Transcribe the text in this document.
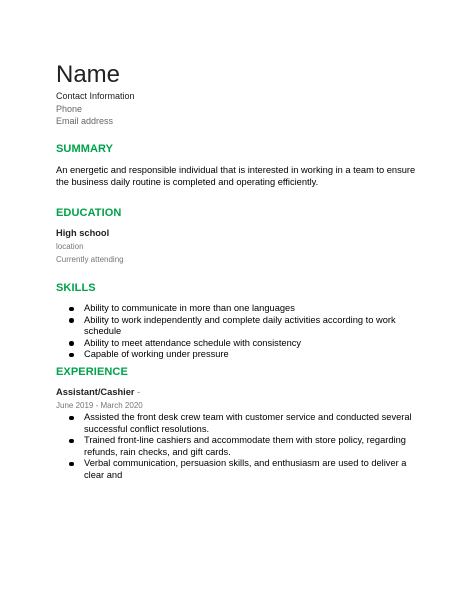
Name
Contact Information
Phone
Email address
SUMMARY
An energetic and responsible individual that is interested in working in a team to ensure the business daily routine is completed and operating efficiently.
EDUCATION
High school
location
Currently attending
SKILLS
Ability to communicate in more than one languages
Ability to work independently and complete daily activities according to work schedule
Ability to meet attendance schedule with consistency
Capable of working under pressure
EXPERIENCE
Assistant/Cashier -
June 2019 - March 2020
Assisted the front desk crew team with customer service and conducted several successful conflict resolutions.
Trained front-line cashiers and accommodate them with store policy, regarding refunds, rain checks, and gift cards.
Verbal communication, persuasion skills, and enthusiasm are used to deliver a clear and
